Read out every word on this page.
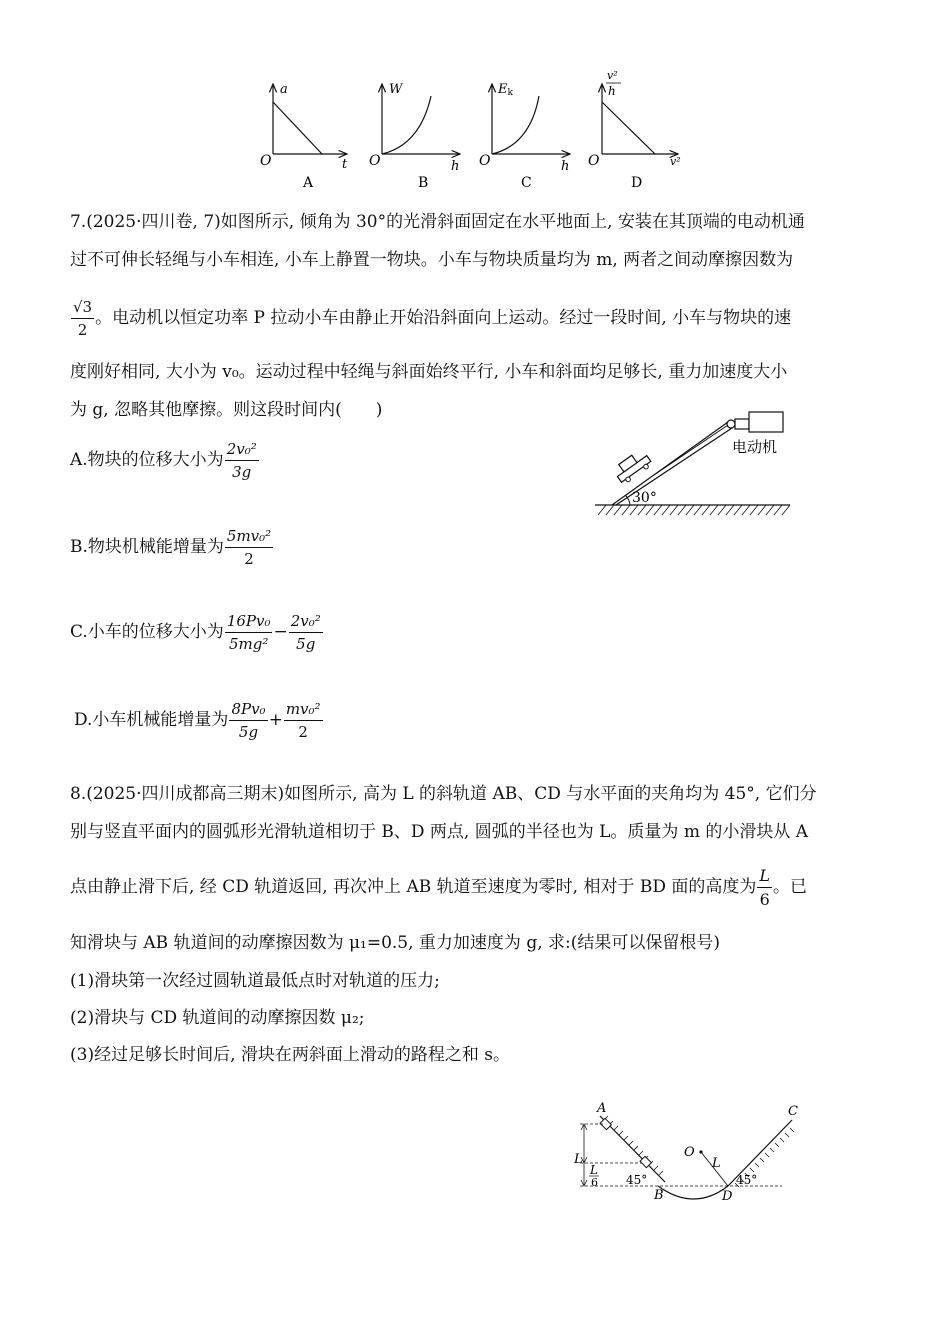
a
t
O
A
W
h
O
B
Ek
h
O
C
v²
h
v²
O
D
7.(2025·四川卷, 7)如图所示, 倾角为 30°的光滑斜面固定在水平地面上, 安装在其顶端的电动机通
过不可伸长轻绳与小车相连, 小车上静置一物块。小车与物块质量均为 m, 两者之间动摩擦因数为
$\frac{√3}{2}$ 。电动机以恒定功率 P 拉动小车由静止开始沿斜面向上运动。经过一段时间, 小车与物块的速
度刚好相同, 大小为 v₀。运动过程中轻绳与斜面始终平行, 小车和斜面均足够长, 重力加速度大小
为 g, 忽略其他摩擦。则这段时间内(　　)
A.物块的位移大小为 $\frac{\text{2v₀²}}{3g}$
B.物块机械能增量为 $\frac{\text{5mv₀²}}{2}$
C.小车的位移大小为 $\frac{\text{16Pv₀}}{\text{5mg²}} - \frac{\text{2v₀²}}{5g}$
D.小车机械能增量为 $\frac{\text{8Pv₀}}{5g} + \frac{\text{mv₀²}}{2}$
30°
电动机
8.(2025·四川成都高三期末)如图所示, 高为 L 的斜轨道 AB、CD 与水平面的夹角均为 45°, 它们分
别与竖直平面内的圆弧形光滑轨道相切于 B、D 两点, 圆弧的半径也为 L。质量为 m 的小滑块从 A
点由静止滑下后, 经 CD 轨道返回, 再次冲上 AB 轨道至速度为零时, 相对于 BD 面的高度为 $\frac{L}{6}$ 。已
知滑块与 AB 轨道间的动摩擦因数为 μ₁=0.5, 重力加速度为 g, 求:(结果可以保留根号)
(1)滑块第一次经过圆轨道最低点时对轨道的压力;
(2)滑块与 CD 轨道间的动摩擦因数 μ₂;
(3)经过足够长时间后, 滑块在两斜面上滑动的路程之和 s。
A
B
C
D
O
L
L
L
6 45°	45°
